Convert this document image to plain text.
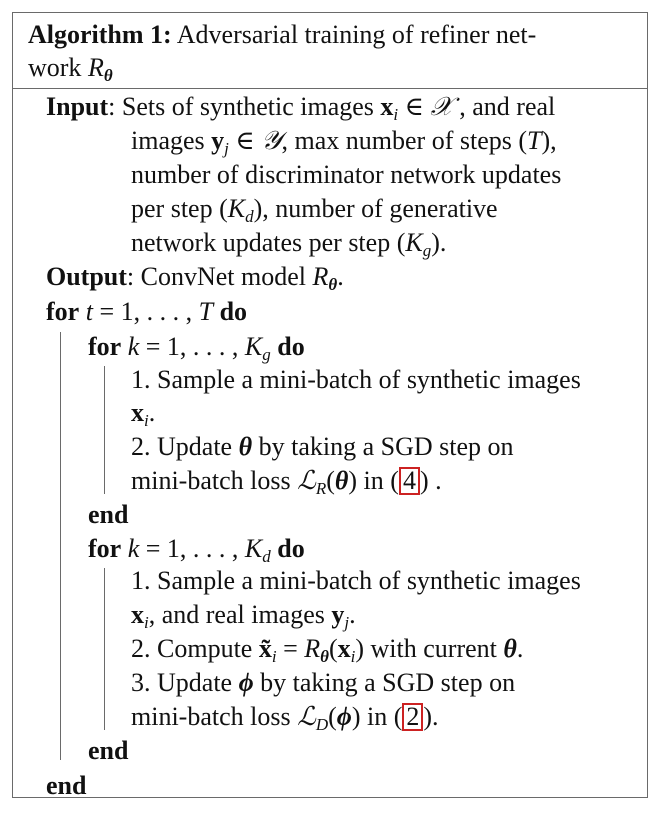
Algorithm 1: Adversarial training of refiner net-
work $R_\theta$
Input: Sets of synthetic images $x_i$ ∈ 𝒳 , and real
images $y_j$ ∈ 𝒴, max number of steps (T),
number of discriminator network updates
per step $(K_d)$, number of generative
network updates per step $(K_g)$.
Output: ConvNet model $R_\theta$.
for t = 1, . . . , T do
for k = 1, . . . , $K_g$ do
1. Sample a mini-batch of synthetic images
$x_i$.
2. Update θ by taking a SGD step on
mini-batch loss ℒ$_R$(θ) in ( 4 ) .
end
for k = 1, . . . , $K_d$ do
1. Sample a mini-batch of synthetic images
$x_i$, and real images $y_j$.
2. Compute $x̃_i = R_\theta(x_i)$ with current θ.
3. Update ϕ by taking a SGD step on
mini-batch loss ℒ$_D$(ϕ) in ( 2 ).
end
end
